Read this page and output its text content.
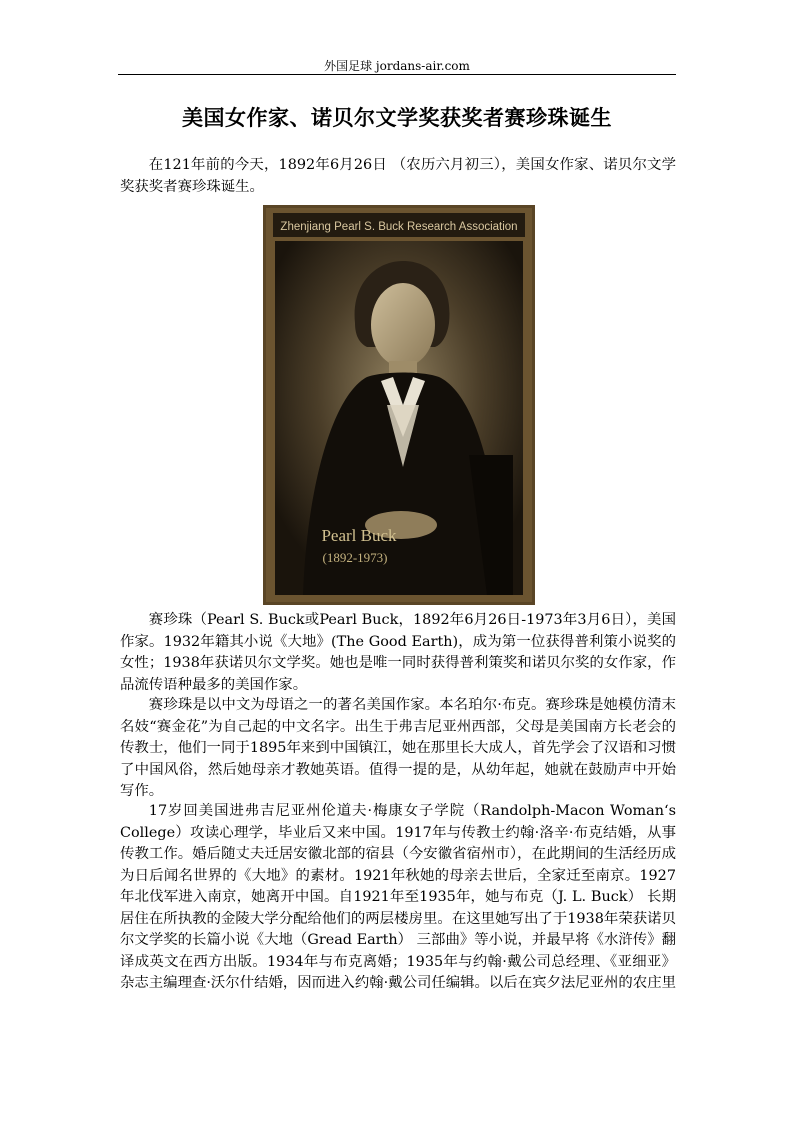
外国足球 jordans-air.com
美国女作家、诺贝尔文学奖获奖者赛珍珠诞生

在121年前的今天，1892年6月26日 （农历六月初三），美国女作家、诺贝尔文学奖获奖者赛珍珠诞生。

Zhenjiang Pearl S. Buck Research Association
Pearl Buck
(1892-1973)

赛珍珠（Pearl S. Buck或Pearl Buck，1892年6月26日-1973年3月6日），美国作家。1932年籍其小说《大地》(The Good Earth)，成为第一位获得普利策小说奖的女性；1938年获诺贝尔文学奖。她也是唯一同时获得普利策奖和诺贝尔奖的女作家，作品流传语种最多的美国作家。

赛珍珠是以中文为母语之一的著名美国作家。本名珀尔·布克。赛珍珠是她模仿清末名妓“赛金花”为自己起的中文名字。出生于弗吉尼亚州西部，父母是美国南方长老会的传教士，他们一同于1895年来到中国镇江，她在那里长大成人，首先学会了汉语和习惯了中国风俗，然后她母亲才教她英语。值得一提的是，从幼年起，她就在鼓励声中开始写作。

17岁回美国进弗吉尼亚州伦道夫·梅康女子学院（Randolph-Macon Woman‘s College）攻读心理学，毕业后又来中国。1917年与传教士约翰·洛辛·布克结婚，从事传教工作。婚后随丈夫迁居安徽北部的宿县（今安徽省宿州市），在此期间的生活经历成为日后闻名世界的《大地》的素材。1921年秋她的母亲去世后，全家迁至南京。1927年北伐军进入南京，她离开中国。自1921年至1935年，她与布克（J. L. Buck） 长期居住在所执教的金陵大学分配给他们的两层楼房里。在这里她写出了于1938年荣获诺贝尔文学奖的长篇小说《大地（Gread Earth） 三部曲》等小说，并最早将《水浒传》翻译成英文在西方出版。1934年与布克离婚；1935年与约翰·戴公司总经理、《亚细亚》杂志主编理查·沃尔什结婚，因而进入约翰·戴公司任编辑。以后在宾夕法尼亚州的农庄里
